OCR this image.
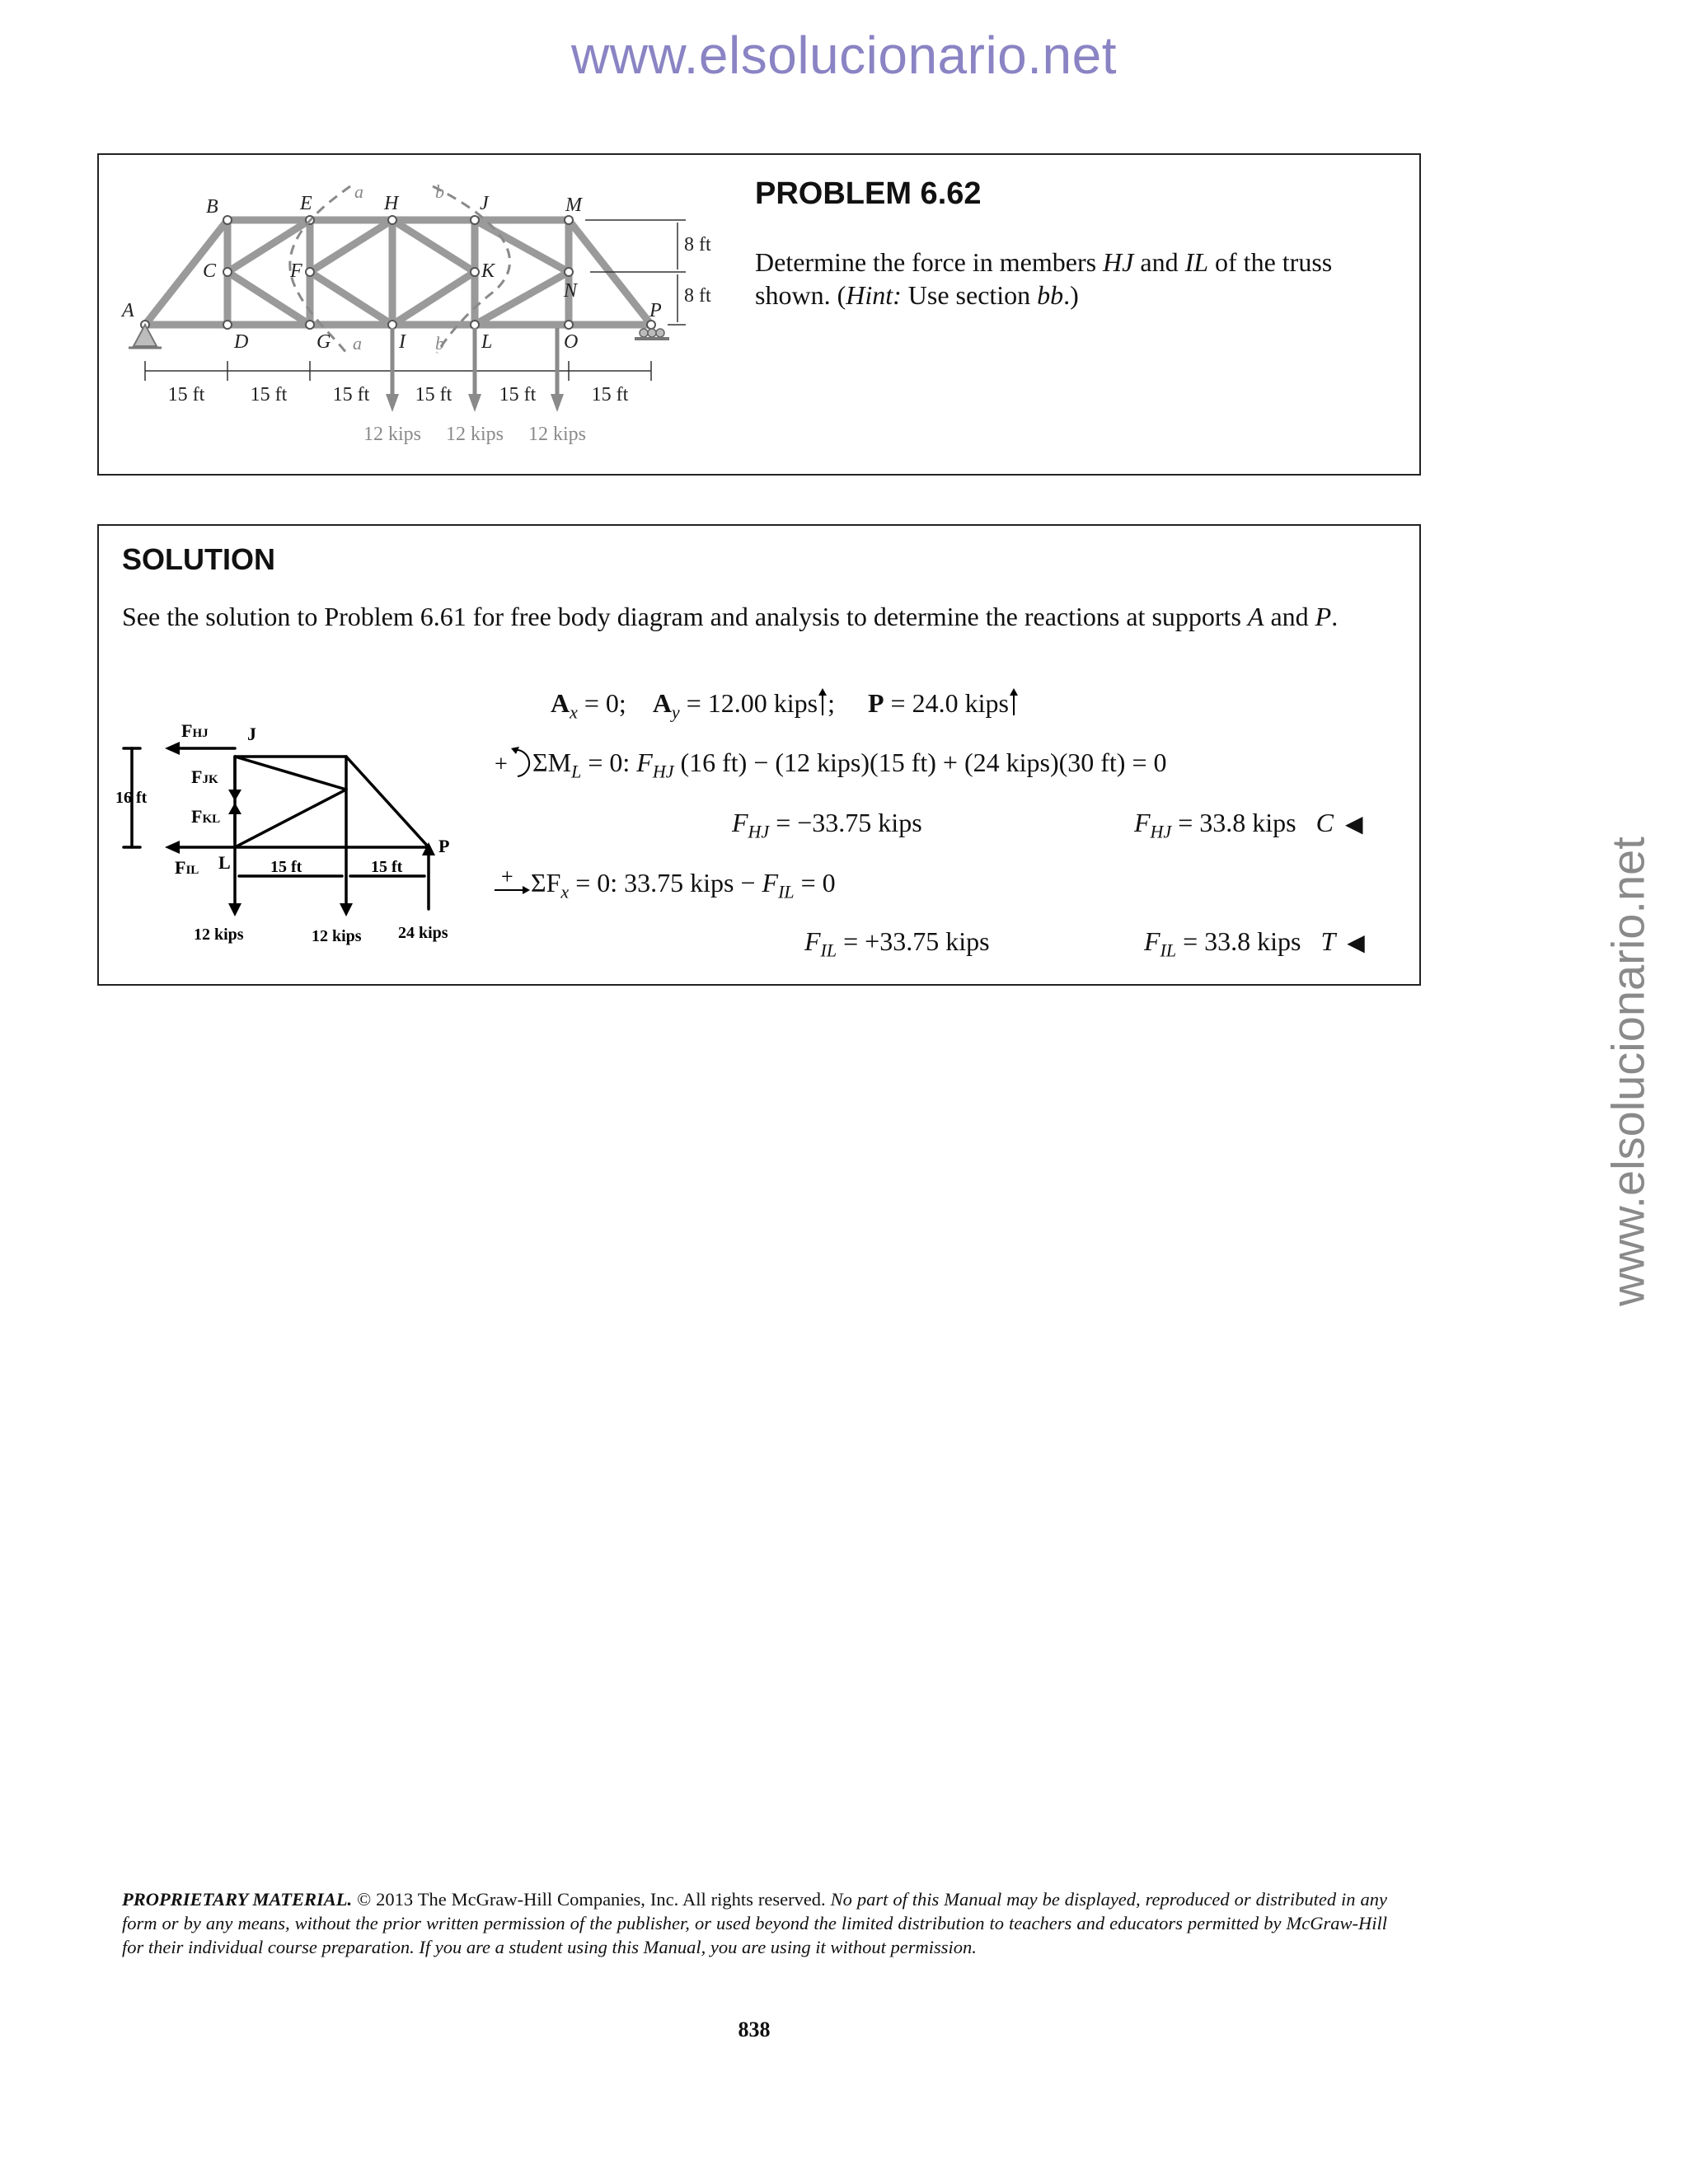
www.elsolucionario.net
www.elsolucionario.net
A
B
C
D
E
F
G
H
I
J
K
L
M
N
O
P
a
a
b
b
8 ft
8 ft
15 ft 15 ft 15 ft 15 ft 15 ft	15 ft
12 kips 12 kips 12 kips
PROBLEM 6.62
Determine the force in members HJ and IL of the truss shown. (Hint: Use section bb.)
SOLUTION
See the solution to Problem 6.61 for free body diagram and analysis to determine the reactions at supports A and P.
FHJ J
FJK
FKL
L
FIL
16 ft
15 ft	15 ft
P
12 kips	12 kips 24 kips
$A_x = 0$; $A_y = 12.00$ kips ;     P = 24.0 kips
+ $\Sigma M_L = 0$: $F_{HJ}$ (16 ft) − (12 kips)(15 ft) + (24 kips)(30 ft) = 0
$F_{HJ} = -33.75$ kips	$F_{HJ} = 33.8$ kips C ◀
+ $\Sigma F_x = 0$: 33.75 kips − $F_{IL} = 0$
$F_{IL} = +33.75$ kips	$F_{IL} = 33.8$ kips T ◀
PROPRIETARY MATERIAL. © 2013 The McGraw-Hill Companies, Inc. All rights reserved. No part of this Manual may be displayed, reproduced or distributed in any form or by any means, without the prior written permission of the publisher, or used beyond the limited distribution to teachers and educators permitted by McGraw-Hill for their individual course preparation. If you are a student using this Manual, you are using it without permission.
838
